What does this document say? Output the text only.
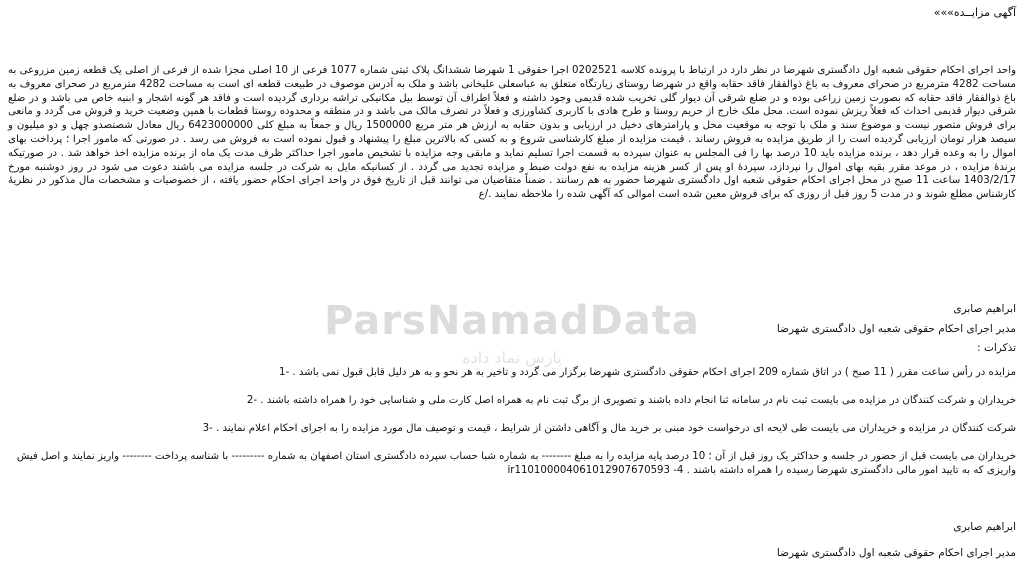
ParsNamadData
پارس نماد داده
آگهی مزایــده»»»

واحد اجرای احکام حقوقی شعبه اول دادگستری شهرضا در نظر دارد در ارتباط با پرونده کلاسه 0202521 اجرا حقوقی 1 شهرضا ششدانگ پلاک ثبتی شماره 1077 فرعی از 10 اصلی مجزا شده از فرعی از اصلی یک قطعه زمین مزروعی به مساحت 4282 مترمربع در صحرای معروف به باغ ذوالفقار فاقد حقابه واقع در شهرضا روستای زیارتگاه متعلق به عباسعلی علیخانی باشد و ملک به آدرس موصوف در طبیعت قطعه ای است به مساحت 4282 مترمربع در صحرای معروف به باغ ذوالفقار فاقد حقابه که بصورت زمین زراعی بوده و در ضلع شرقی آن دیوار گلی تخریب شده قدیمی وجود داشته و فعلاً اطراف آن توسط بیل مکانیکی تراشه برداری گردیده است و فاقد هر گونه اشجار و ابنیه خاص می باشد و در ضلع شرقی دیوار قدیمی احداث که فعلاً ریزش نموده است. محل ملک خارج از حریم روستا و طرح هادی با کاربری کشاورزی و فعلاً در تصرف مالک می باشد و در منطقه و محدوده روستا قطعات با همین وضعیت خرید و فروش می گردد و مانعی برای فروش متصور نیست و موضوع سند و ملک با توجه به موقعیت محل و پارامترهای دخیل در ارزیابی و بدون حقابه به ارزش هر متر مربع 1500000 ریال و جمعاً به مبلغ کلی 6423000000 ریال معادل شصتصدو چهل و دو میلیون و سیصد هزار تومان ارزیابی گردیده است را از طریق مزایده به فروش رساند . قیمت مزایده از مبلغ کارشناسی شروع و به کسی که بالاترین مبلغ را پیشنهاد و قبول نموده است به فروش می رسد . در صورتی که مامور اجرا ؛ پرداخت بهای اموال را به وعده قرار دهد ، برنده مزایده باید 10 درصد بها را فی المجلس به عنوان سپرده به قسمت اجرا تسلیم نماید و مابقی وجه مزایده با تشخیص مامور اجرا حداکثر ظرف مدت یک ماه از برنده مزایده اخذ خواهد شد . در صورتیکه برندۀ مزایده ، در موعد مقرر بقیه بهای اموال را نپردازد، سپردۀ او پس از کسر هزینه مزایده به نفع دولت ضبط و مزایده تجدید می گردد . از کسانیکه مایل به شرکت در جلسه مزایده می باشند دعوت می شود در روز دوشنبه مورخ 1403/2/17 ساعت 11 صبح در محل اجرای احکام حقوقی شعبه اول دادگستری شهرضا حضور به هم رسانند . ضمناً متقاضیان می توانند قبل از تاریخ فوق در واحد اجرای احکام حضور یافته ، از خصوصیات و مشخصات مال مذکور در نظریۀ کارشناس مطلع شوند و در مدت 5 روز قبل از روزی که برای فروش معین شده است اموالی که آگهی شده را ملاحظه نمایند ./ع

ابراهیم صابری
مدیر اجرای احکام حقوقی شعبه اول دادگستری شهرضا
تذکرات :

مزایده در رأس ساعت مقرر ( 11 صبح ) در اتاق شماره 209 اجرای احکام حقوقی دادگستری شهرضا برگزار می گردد و تاخیر به هر نحو و به هر دلیل قابل قبول نمی باشد . -1

خریداران و شرکت کنندگان در مزایده می بایست ثبت نام در سامانه ثنا انجام داده باشند و تصویری از برگ ثبت نام به همراه اصل کارت ملی و شناسایی خود را همراه داشته باشند . -2

شرکت کنندگان در مزایده و خریداران می بایست طی لایحه ای درخواست خود مبنی بر خرید مال و آگاهی داشتن از شرایط ، قیمت و توصیف مال مورد مزایده را به اجرای احکام اعلام نمایند . -3

خریداران می بایست قبل از حضور در جلسه و حداکثر یک روز قبل از آن ؛ 10 درصد پایه مزایده را به مبلغ -------- به شماره شبا حساب سپرده دادگستری استان اصفهان به شماره --------- با شناسه پرداخت -------- واریز نمایند و اصل فیش واریزی که به تایید امور مالی دادگستری شهرضا رسیده را همراه داشته باشند . ir110100004061012907670593 -4

ابراهیم صابری
مدیر اجرای احکام حقوقی شعبه اول دادگستری شهرضا
